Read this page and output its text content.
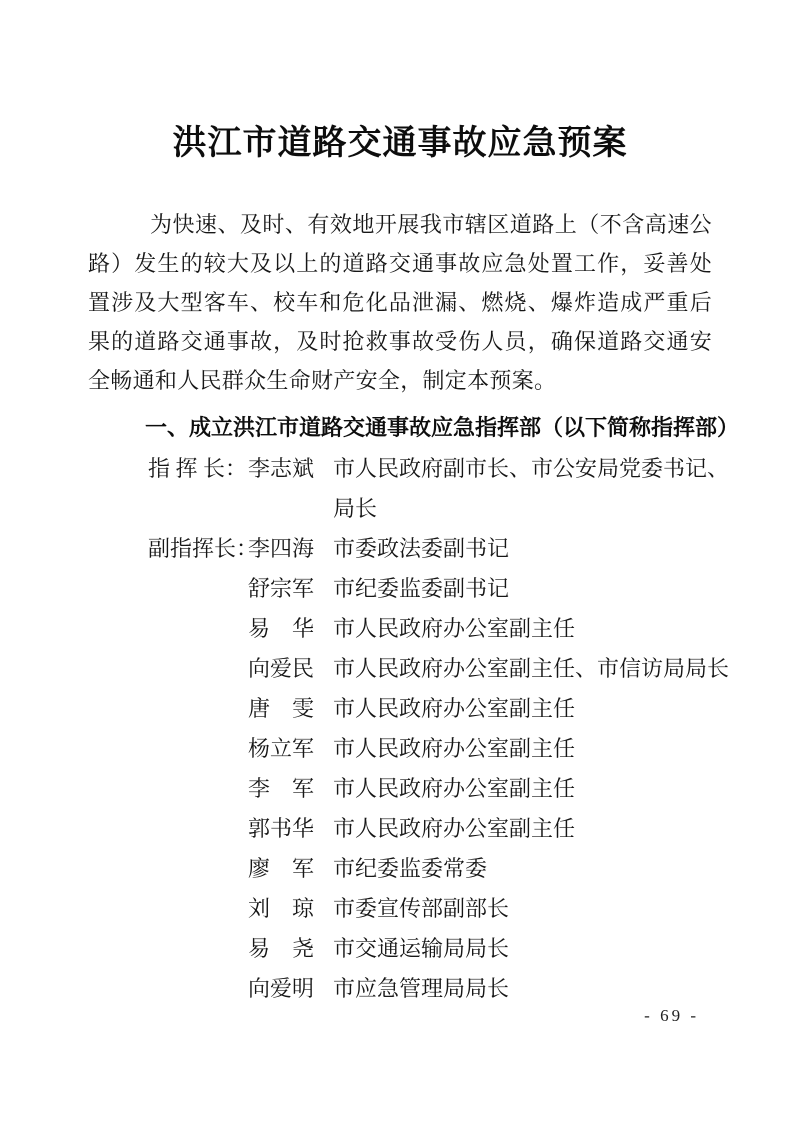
洪江市道路交通事故应急预案

为快速、及时、有效地开展我市辖区道路上（不含高速公路）发生的较大及以上的道路交通事故应急处置工作，妥善处置涉及大型客车、校车和危化品泄漏、燃烧、爆炸造成严重后果的道路交通事故，及时抢救事故受伤人员，确保道路交通安全畅通和人民群众生命财产安全，制定本预案。

一、成立洪江市道路交通事故应急指挥部（以下简称指挥部）
指 挥 长：李志斌 市人民政府副市长、市公安局党委书记、
局长
副指挥长：李四海 市委政法委副书记
舒宗军 市纪委监委副书记
易　华 市人民政府办公室副主任
向爱民 市人民政府办公室副主任、市信访局局长
唐　雯 市人民政府办公室副主任
杨立军 市人民政府办公室副主任
李　军 市人民政府办公室副主任
郭书华 市人民政府办公室副主任
廖　军 市纪委监委常委
刘　琼 市委宣传部副部长
易　尧 市交通运输局局长
向爱明 市应急管理局局长
- 69 -
